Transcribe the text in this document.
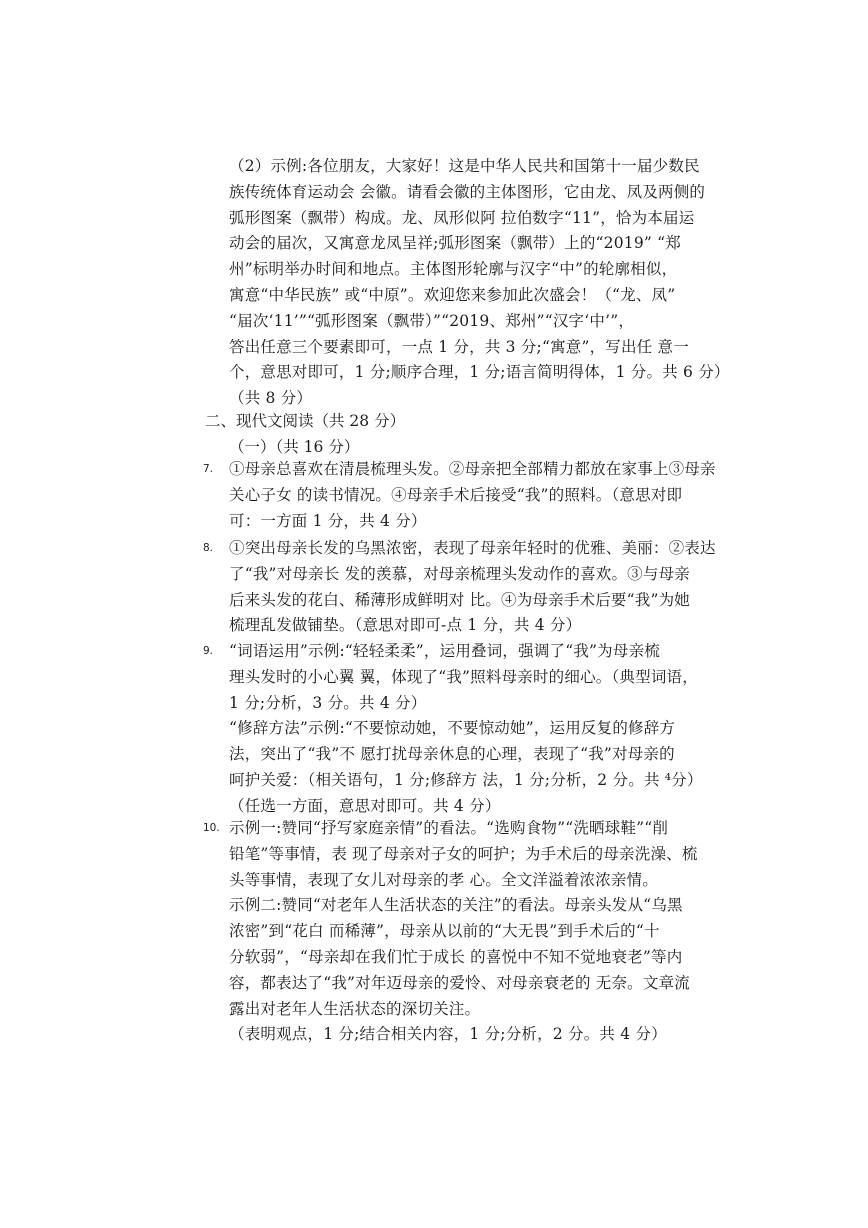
（2）示例:各位朋友，大家好！这是中华人民共和国第十一届少数民
族传统体育运动会 会徽。请看会徽的主体图形，它由龙、凤及两侧的
弧形图案（飘带）构成。龙、凤形似阿 拉伯数字“11”，恰为本届运
动会的届次，又寓意龙凤呈祥;弧形图案（飘带）上的“2019” “郑
州”标明举办时间和地点。主体图形轮廓与汉字“中”的轮廓相似，
寓意“中华民族” 或“中原”。欢迎您来参加此次盛会！（“龙、凤”
“届次‘11’”“弧形图案（飘带）”“2019、郑州”“汉字‘中’”，
答出任意三个要素即可，一点 1 分，共 3 分;“寓意”，写出任 意一
个，意思对即可，1 分;顺序合理，1 分;语言简明得体，1 分。共 6 分）
（共 8 分）
二、现代文阅读（共 28 分）
（一）（共 16 分）
7. ①母亲总喜欢在清晨梳理头发。②母亲把全部精力都放在家事上③母亲
关心子女 的读书情况。④母亲手术后接受“我”的照料。（意思对即
可：一方面 1 分，共 4 分）
8. ①突出母亲长发的乌黑浓密，表现了母亲年轻时的优雅、美丽：②表达
了“我”对母亲长 发的羡慕，对母亲梳理头发动作的喜欢。③与母亲
后来头发的花白、稀薄形成鲜明对 比。④为母亲手术后要“我”为她
梳理乱发做铺垫。（意思对即可-点 1 分，共 4 分）
9. “词语运用”示例:“轻轻柔柔”，运用叠词，强调了“我”为母亲梳
理头发时的小心翼 翼，体现了“我”照料母亲时的细心。（典型词语，
1 分;分析，3 分。共 4 分）
“修辞方法”示例:“不要惊动她，不要惊动她”，运用反复的修辞方
法，突出了“我”不 愿打扰母亲休息的心理，表现了“我”对母亲的
呵护关爱：（相关语句，1 分;修辞方 法，1 分;分析，2 分。共 ⁴分）
（任选一方面，意思对即可。共 4 分）
10. 示例一:赞同“抒写家庭亲情”的看法。“选购食物”“洗晒球鞋”“削
铅笔”等事情，表 现了母亲对子女的呵护；为手术后的母亲洗澡、梳
头等事情，表现了女儿对母亲的孝 心。全文洋溢着浓浓亲情。
示例二:赞同“对老年人生活状态的关注”的看法。母亲头发从“乌黑
浓密”到“花白 而稀薄”，母亲从以前的“大无畏”到手术后的“十
分软弱”，“母亲却在我们忙于成长 的喜悦中不知不觉地衰老”等内
容，都表达了“我”对年迈母亲的爱怜、对母亲衰老的 无奈。文章流
露出对老年人生活状态的深切关注。
（表明观点，1 分;结合相关内容，1 分;分析，2 分。共 4 分）
